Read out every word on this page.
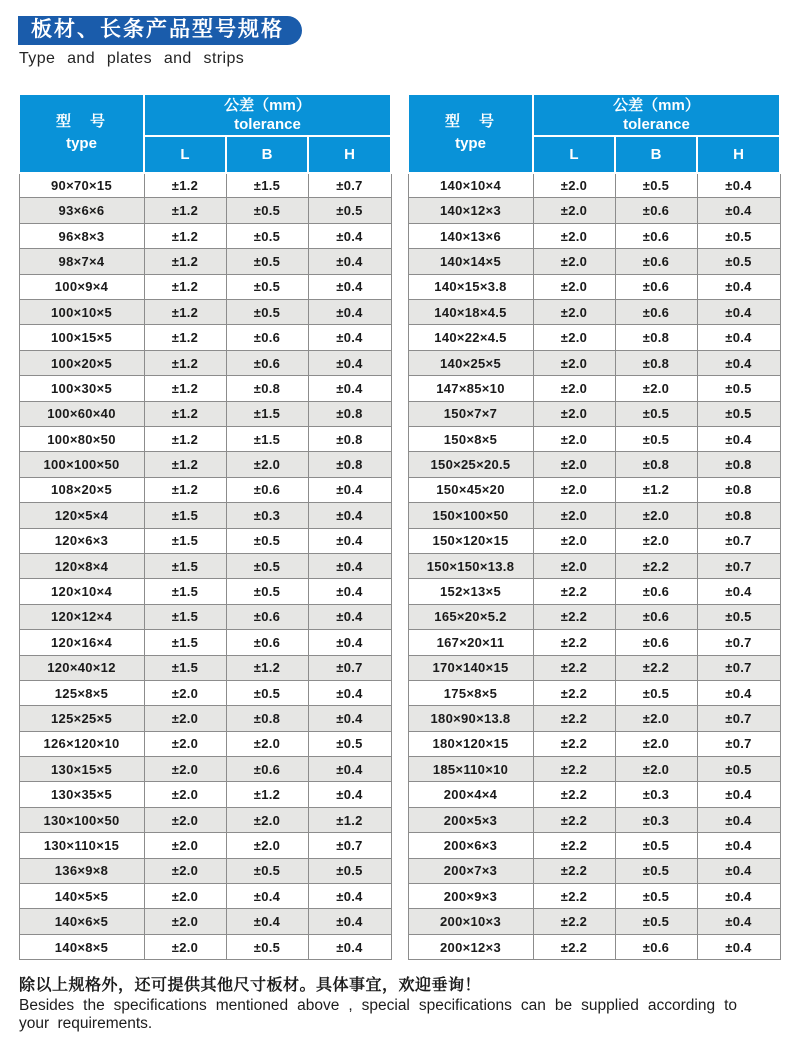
板材、长条产品型号规格
Type and plates and strips
型　号
type

公差（mm）
tolerance

	L	B	H
90×70×15	±1.2	±1.5	±0.7
93×6×6	±1.2	±0.5	±0.5
96×8×3	±1.2	±0.5	±0.4
98×7×4	±1.2	±0.5	±0.4
100×9×4	±1.2	±0.5	±0.4
100×10×5	±1.2	±0.5	±0.4
100×15×5	±1.2	±0.6	±0.4
100×20×5	±1.2	±0.6	±0.4
100×30×5	±1.2	±0.8	±0.4
100×60×40	±1.2	±1.5	±0.8
100×80×50	±1.2	±1.5	±0.8
100×100×50	±1.2	±2.0	±0.8
108×20×5	±1.2	±0.6	±0.4
120×5×4	±1.5	±0.3	±0.4
120×6×3	±1.5	±0.5	±0.4
120×8×4	±1.5	±0.5	±0.4
120×10×4	±1.5	±0.5	±0.4
120×12×4	±1.5	±0.6	±0.4
120×16×4	±1.5	±0.6	±0.4
120×40×12	±1.5	±1.2	±0.7
125×8×5	±2.0	±0.5	±0.4
125×25×5	±2.0	±0.8	±0.4
126×120×10	±2.0	±2.0	±0.5
130×15×5	±2.0	±0.6	±0.4
130×35×5	±2.0	±1.2	±0.4
130×100×50	±2.0	±2.0	±1.2
130×110×15	±2.0	±2.0	±0.7
136×9×8	±2.0	±0.5	±0.5
140×5×5	±2.0	±0.4	±0.4
140×6×5	±2.0	±0.4	±0.4
140×8×5	±2.0	±0.5	±0.4
型　号
type

公差（mm）
tolerance

	L	B	H
140×10×4	±2.0	±0.5	±0.4
140×12×3	±2.0	±0.6	±0.4
140×13×6	±2.0	±0.6	±0.5
140×14×5	±2.0	±0.6	±0.5
140×15×3.8	±2.0	±0.6	±0.4
140×18×4.5	±2.0	±0.6	±0.4
140×22×4.5	±2.0	±0.8	±0.4
140×25×5	±2.0	±0.8	±0.4
147×85×10	±2.0	±2.0	±0.5
150×7×7	±2.0	±0.5	±0.5
150×8×5	±2.0	±0.5	±0.4
150×25×20.5	±2.0	±0.8	±0.8
150×45×20	±2.0	±1.2	±0.8
150×100×50	±2.0	±2.0	±0.8
150×120×15	±2.0	±2.0	±0.7
150×150×13.8	±2.0	±2.2	±0.7
152×13×5	±2.2	±0.6	±0.4
165×20×5.2	±2.2	±0.6	±0.5
167×20×11	±2.2	±0.6	±0.7
170×140×15	±2.2	±2.2	±0.7
175×8×5	±2.2	±0.5	±0.4
180×90×13.8	±2.2	±2.0	±0.7
180×120×15	±2.2	±2.0	±0.7
185×110×10	±2.2	±2.0	±0.5
200×4×4	±2.2	±0.3	±0.4
200×5×3	±2.2	±0.3	±0.4
200×6×3	±2.2	±0.5	±0.4
200×7×3	±2.2	±0.5	±0.4
200×9×3	±2.2	±0.5	±0.4
200×10×3	±2.2	±0.5	±0.4
200×12×3	±2.2	±0.6	±0.4
除以上规格外，还可提供其他尺寸板材。具体事宜，欢迎垂询！
Besides the specifications mentioned above , special specifications can be supplied according to your requirements.
